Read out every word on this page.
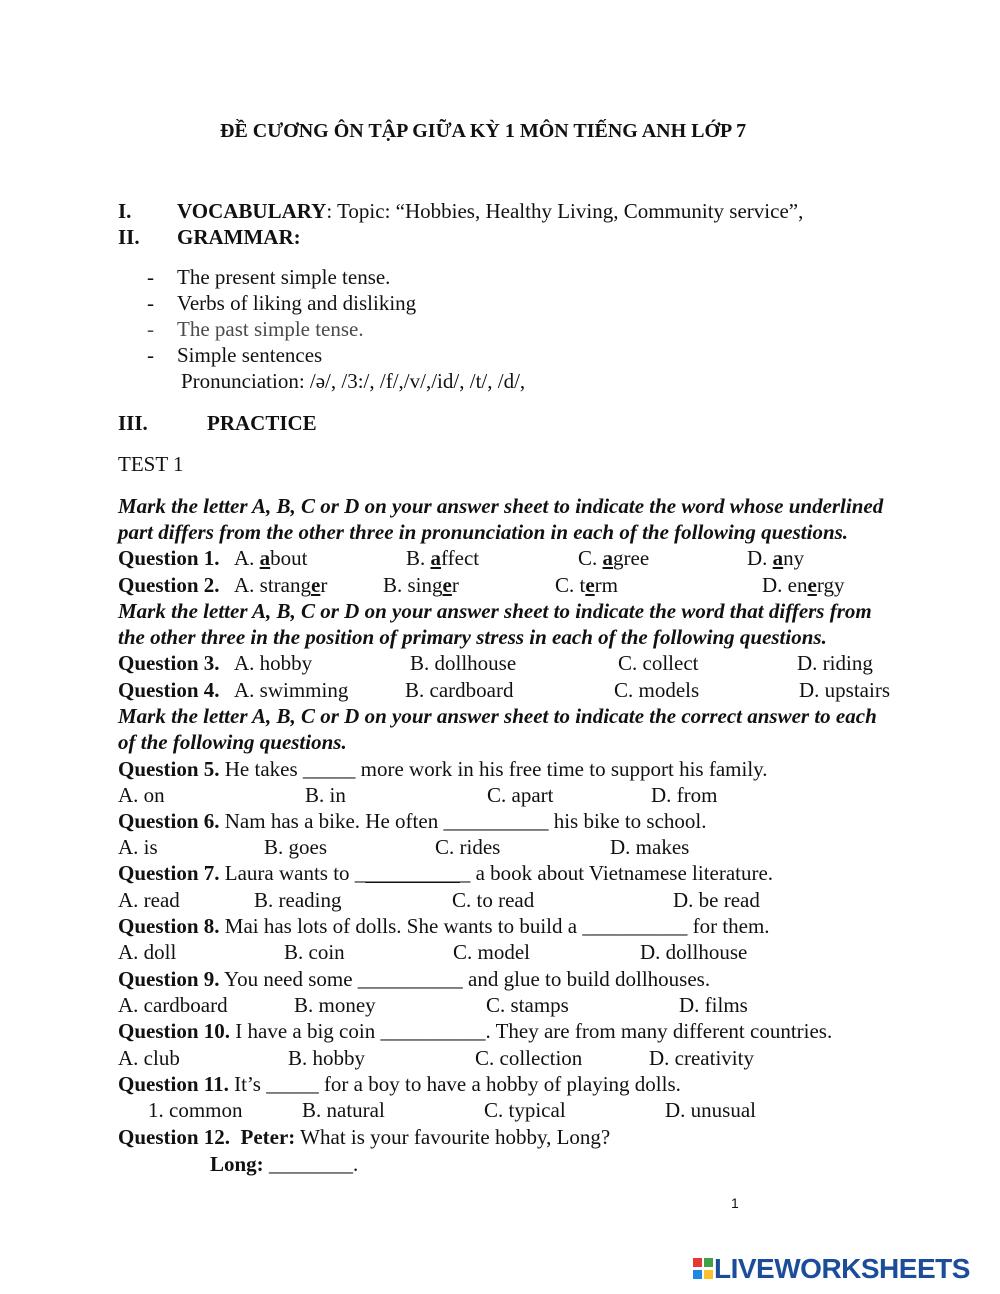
ĐỀ CƯƠNG ÔN TẬP GIỮA KỲ 1 MÔN TIẾNG ANH LỚP 7
I. VOCABULARY: Topic: “Hobbies, Healthy Living, Community service”,
II. GRAMMAR:
- The present simple tense.
- Verbs of liking and disliking
- The past simple tense.
- Simple sentences
Pronunciation: /ə/, /3:/, /f/,/v/,/id/, /t/, /d/,
III.	PRACTICE
TEST 1
Mark the letter A, B, C or D on your answer sheet to indicate the word whose underlined
part differs from the other three in pronunciation in each of the following questions.
Question 1. A. about	B. affect	C. agree	D. any
Question 2. A. stranger	B. singer	C. term	D. energy
Mark the letter A, B, C or D on your answer sheet to indicate the word that differs from
the other three in the position of primary stress in each of the following questions.
Question 3. A. hobby	B. dollhouse	C. collect	D. riding
Question 4. A. swimming	B. cardboard	C. models	D. upstairs
Mark the letter A, B, C or D on your answer sheet to indicate the correct answer to each
of the following questions.
Question 5. He takes _____ more work in his free time to support his family.
A. on	B. in	C. apart	D. from
Question 6. Nam has a bike. He often __________ his bike to school.
A. is	B. goes	C. rides	D. makes
Question 7. Laura wants to ___________ a book about Vietnamese literature.
A. read	B. reading	C. to read	D. be read
Question 8. Mai has lots of dolls. She wants to build a __________ for them.
A. doll	B. coin	C. model	D. dollhouse
Question 9. You need some __________ and glue to build dollhouses.
A. cardboard	B. money	C. stamps	D. films
Question 10. I have a big coin __________. They are from many different countries.
A. club	B. hobby	C. collection	D. creativity
Question 11. It’s _____ for a boy to have a hobby of playing dolls.
1. common	B. natural	C. typical	D. unusual
Question 12. Peter: What is your favourite hobby, Long?
Long: ________.
1
LIVEWORKSHEETS
